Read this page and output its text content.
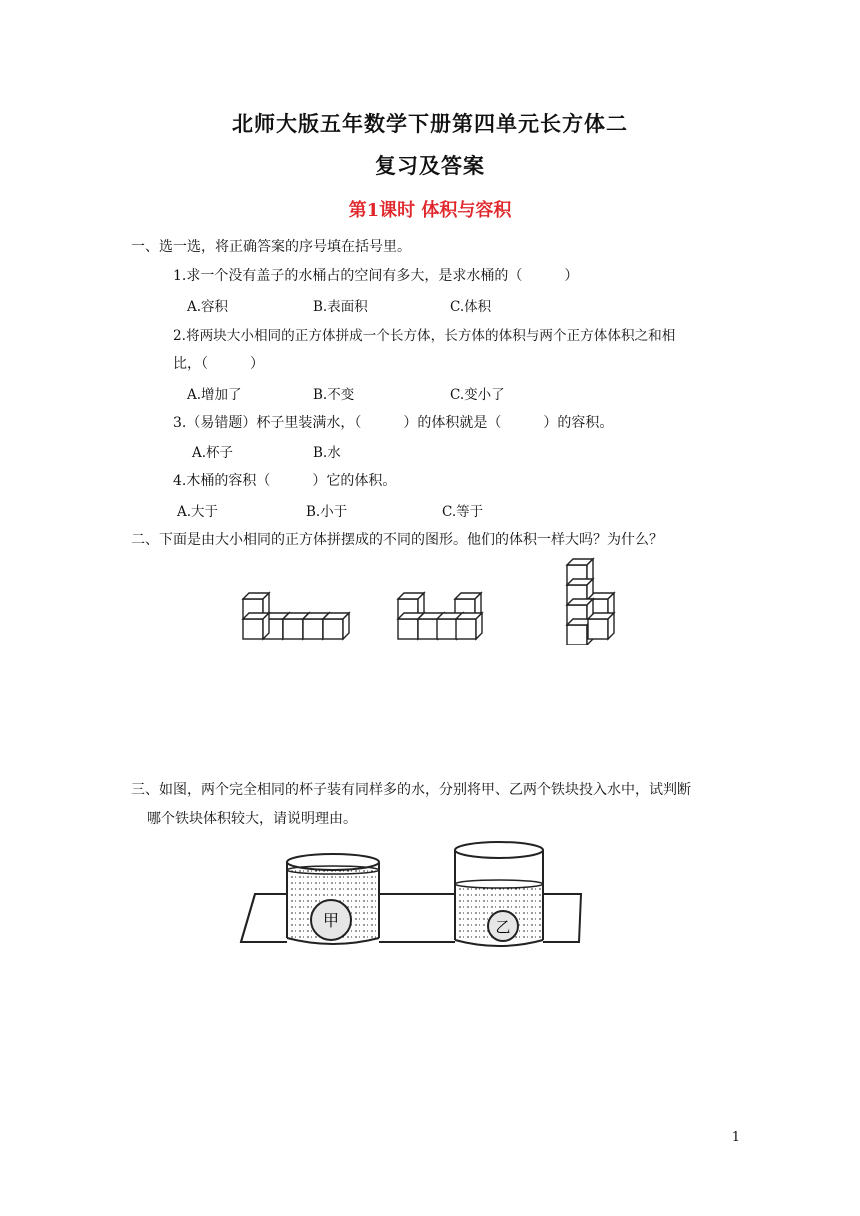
北师大版五年数学下册第四单元长方体二
复习及答案
第1课时 体积与容积
一、选一选，将正确答案的序号填在括号里。
1.求一个没有盖子的水桶占的空间有多大，是求水桶的（　　　）
A.容积	B.表面积	C.体积
2.将两块大小相同的正方体拼成一个长方体，长方体的体积与两个正方体体积之和相
比，（　　　）
A.增加了	B.不变	C.变小了
3.（易错题）杯子里装满水，（　　　）的体积就是（　　　）的容积。
A.杯子	B.水
4.木桶的容积（　　　）它的体积。
A.大于	B.小于	C.等于
二、下面是由大小相同的正方体拼摆成的不同的图形。他们的体积一样大吗？为什么？
三、如图，两个完全相同的杯子装有同样多的水，分别将甲、乙两个铁块投入水中，试判断
哪个铁块体积较大，请说明理由。
甲	乙
1
